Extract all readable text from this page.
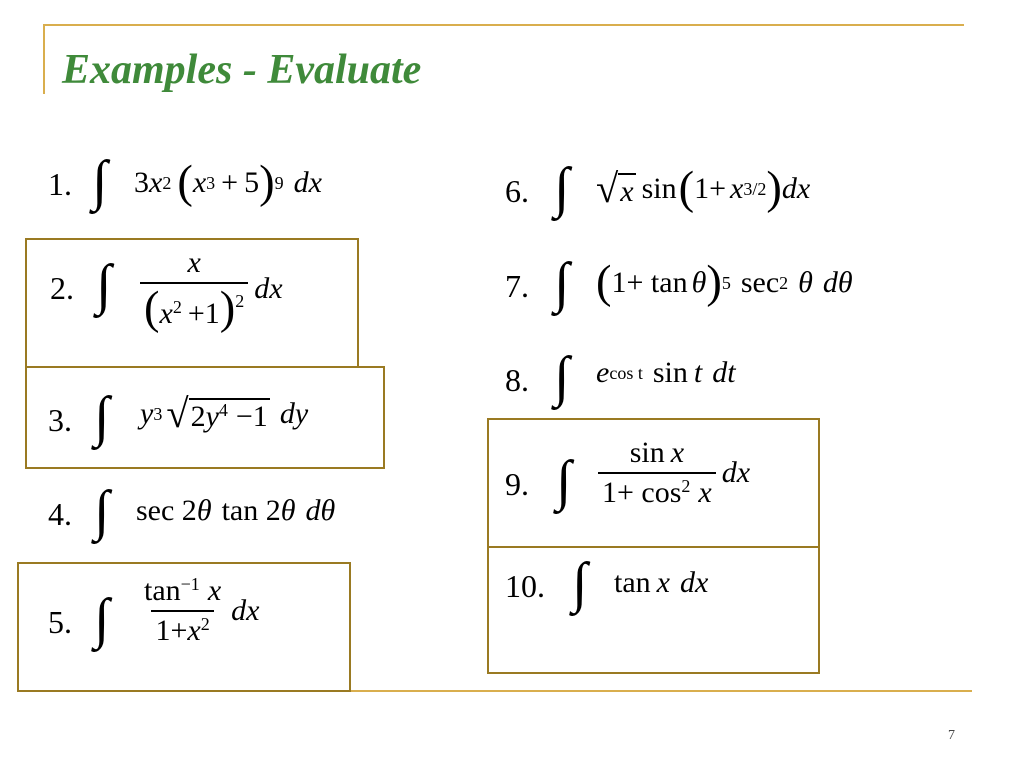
Examples - Evaluate
1. ∫ 3 x 2 ( x 3 + 5 ) 9 dx
2. ∫ $\frac{x}{(x^2 +1)^2}$ dx
3. ∫ y 3 √ $2y^4 -1$ dy
4. ∫ sec 2 θ tan 2 θ dθ
5. ∫ $\frac{\tan^{-1} x}{1+x^2}$ dx
6. ∫ √ x sin ( 1+ x 3/2 ) dx
7. ∫ ( 1+ tan θ ) 5 sec 2 θ dθ
8. ∫ e cos t sin t dt
9. ∫ $\frac{\text{sin x}}{1+ \cos^2 x}$ dx
10. ∫ tan x dx
7
